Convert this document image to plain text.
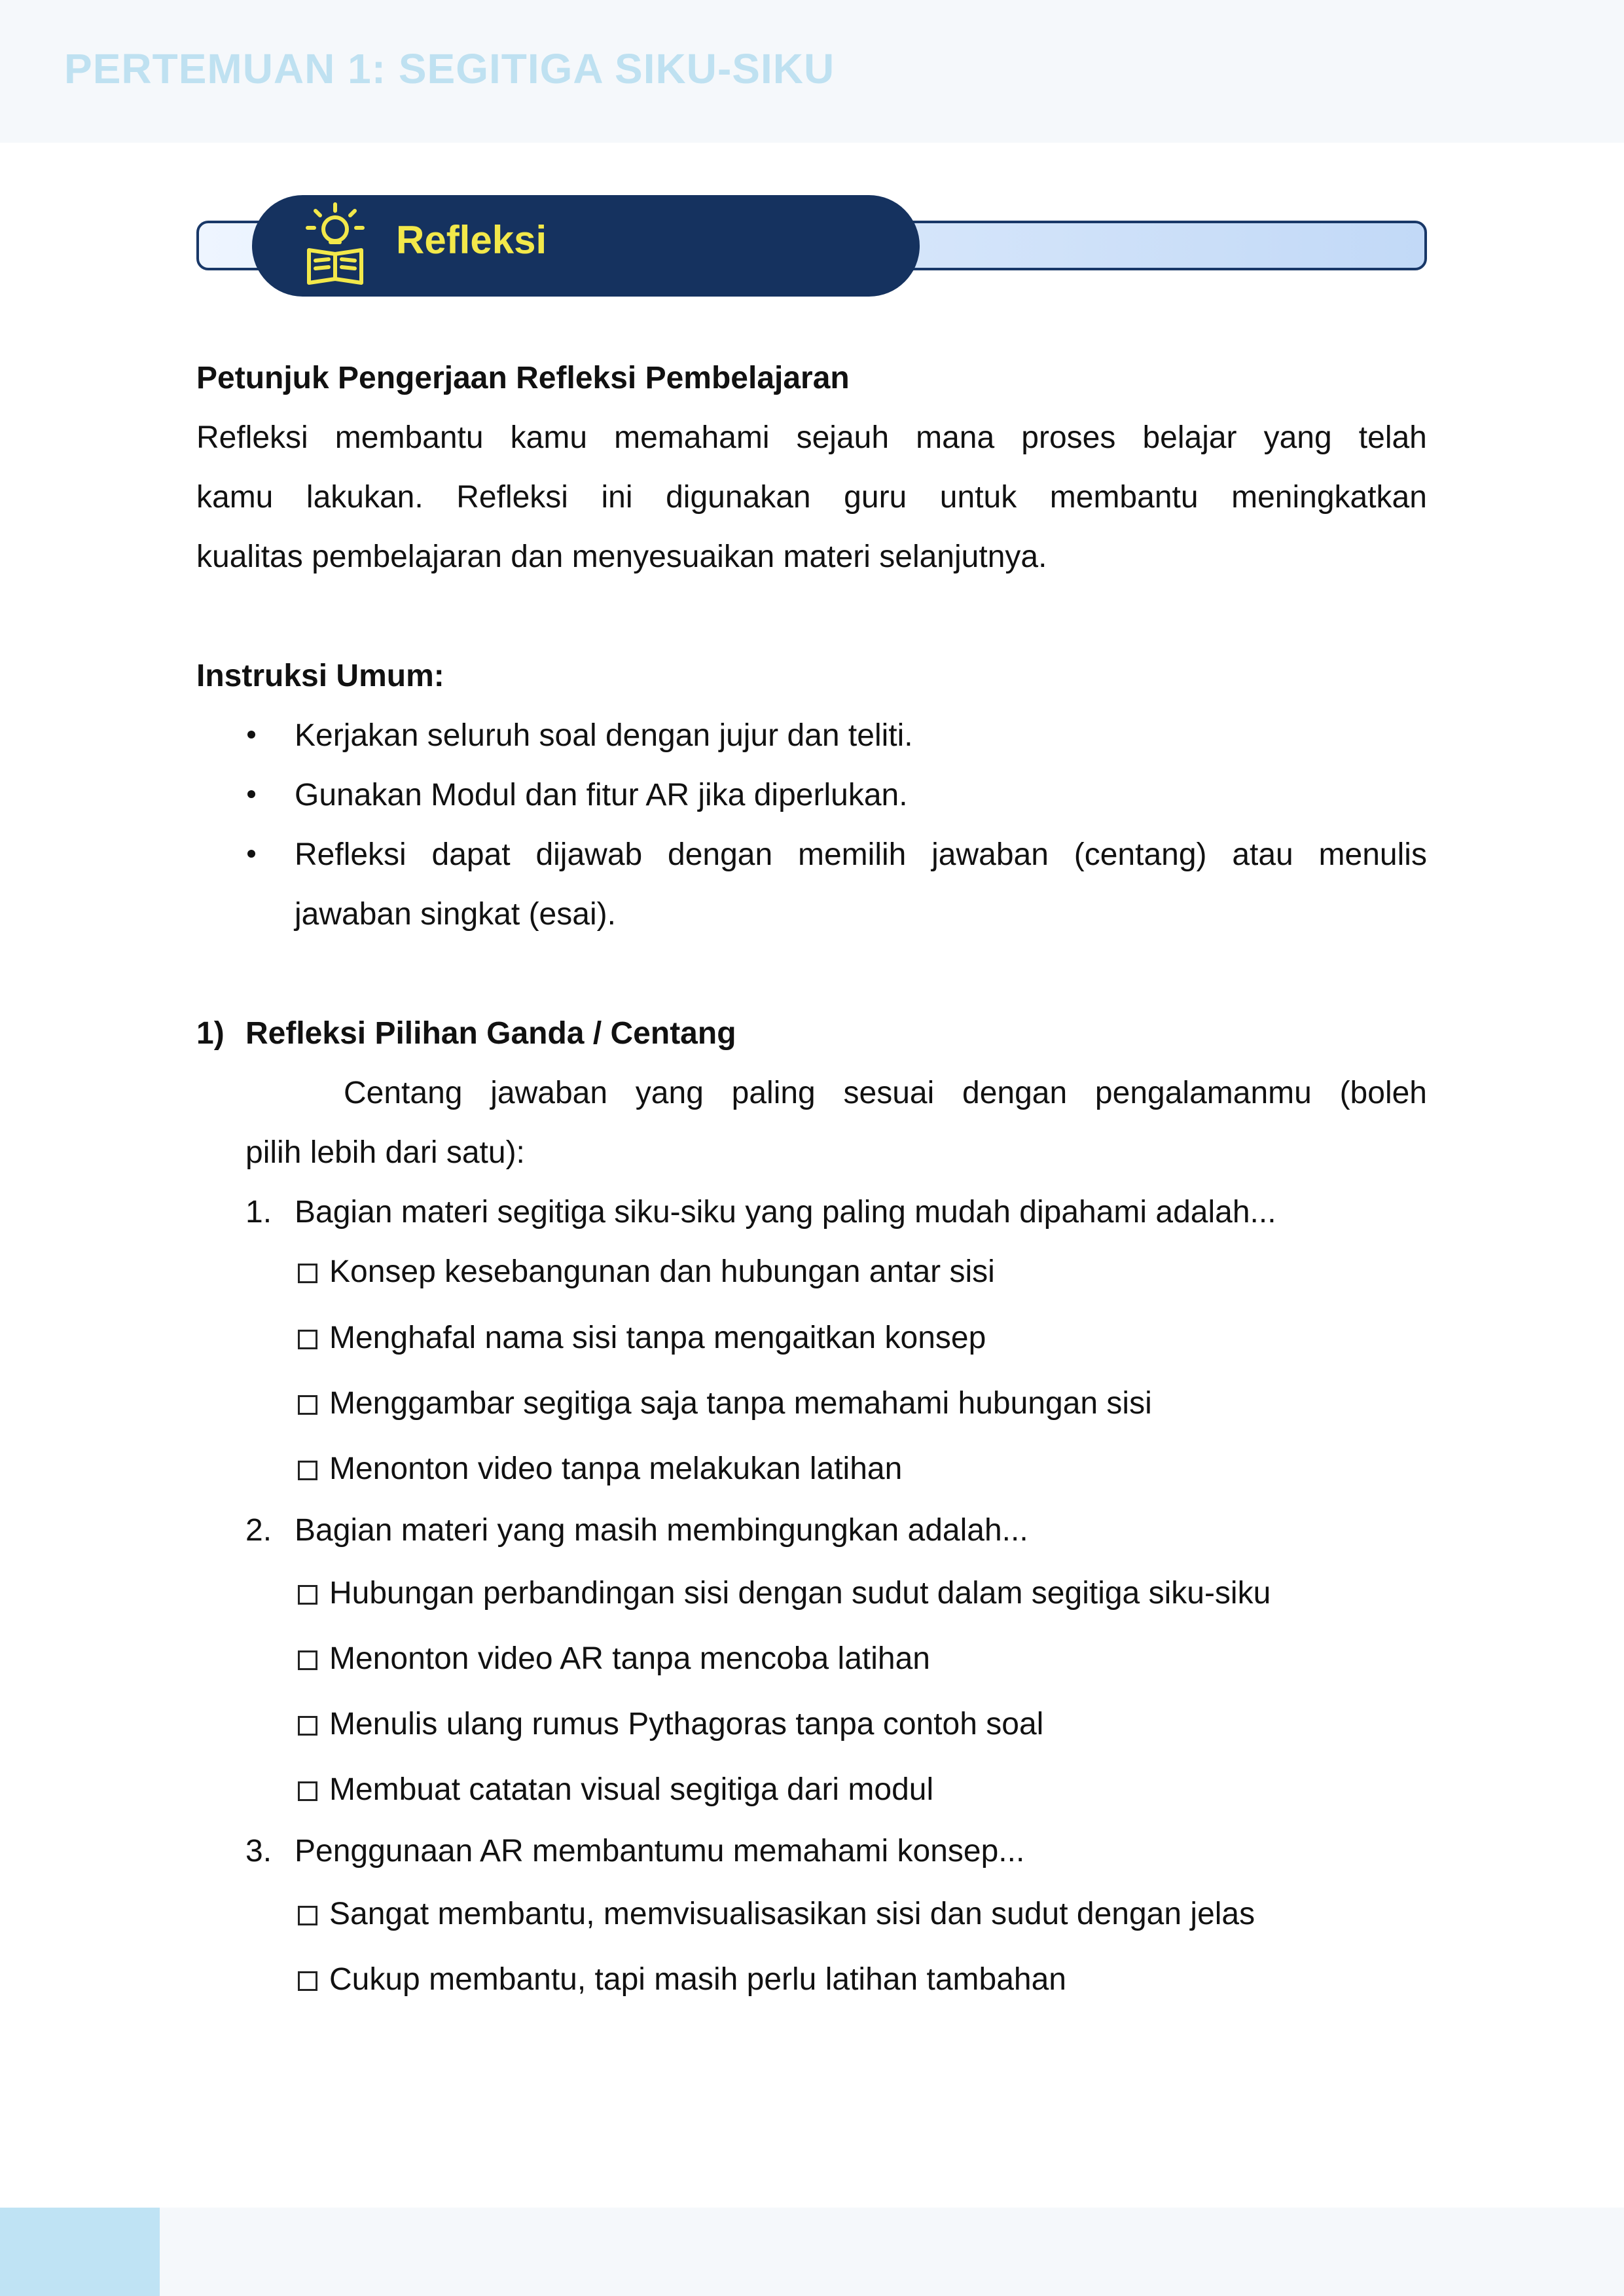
PERTEMUAN 1: SEGITIGA SIKU-SIKU
Refleksi
Petunjuk Pengerjaan Refleksi Pembelajaran
Refleksi membantu kamu memahami sejauh mana proses belajar yang telah
kamu lakukan. Refleksi ini digunakan guru untuk membantu meningkatkan
kualitas pembelajaran dan menyesuaikan materi selanjutnya.
Instruksi Umum:
Kerjakan seluruh soal dengan jujur dan teliti.
Gunakan Modul dan fitur AR jika diperlukan.
Refleksi dapat dijawab dengan memilih jawaban (centang) atau menulis
jawaban singkat (esai).
1) Refleksi Pilihan Ganda / Centang
Centang jawaban yang paling sesuai dengan pengalamanmu (boleh
pilih lebih dari satu):
1. Bagian materi segitiga siku-siku yang paling mudah dipahami adalah...
Konsep kesebangunan dan hubungan antar sisi
Menghafal nama sisi tanpa mengaitkan konsep
Menggambar segitiga saja tanpa memahami hubungan sisi
Menonton video tanpa melakukan latihan
2. Bagian materi yang masih membingungkan adalah...
Hubungan perbandingan sisi dengan sudut dalam segitiga siku-siku
Menonton video AR tanpa mencoba latihan
Menulis ulang rumus Pythagoras tanpa contoh soal
Membuat catatan visual segitiga dari modul
3. Penggunaan AR membantumu memahami konsep...
Sangat membantu, memvisualisasikan sisi dan sudut dengan jelas
Cukup membantu, tapi masih perlu latihan tambahan
